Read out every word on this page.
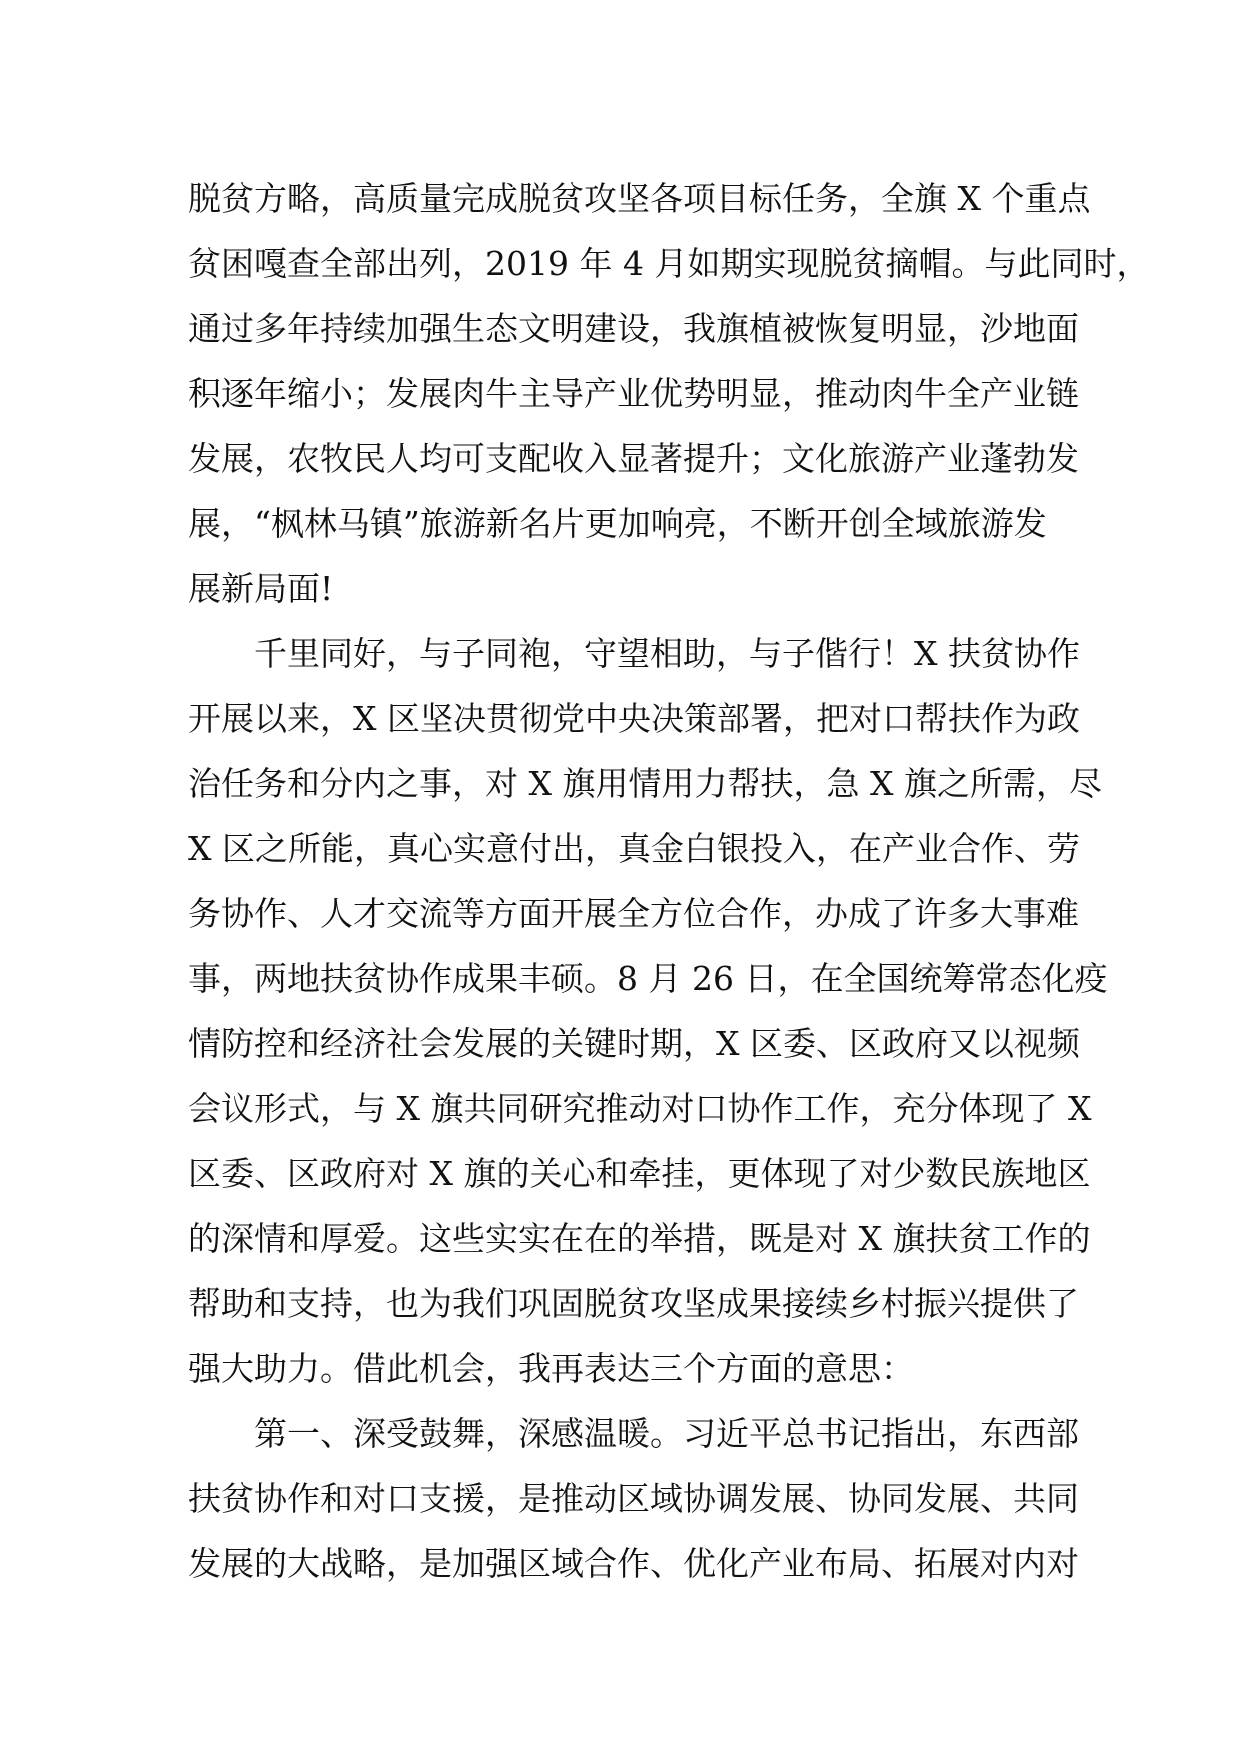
脱贫方略，高质量完成脱贫攻坚各项目标任务，全旗 X 个重点
贫困嘎查全部出列，2019 年 4 月如期实现脱贫摘帽。与此同时，
通过多年持续加强生态文明建设，我旗植被恢复明显，沙地面
积逐年缩小；发展肉牛主导产业优势明显，推动肉牛全产业链
发展，农牧民人均可支配收入显著提升；文化旅游产业蓬勃发
展，“枫林马镇”旅游新名片更加响亮，不断开创全域旅游发
展新局面!
千里同好，与子同袍，守望相助，与子偕行！X 扶贫协作
开展以来，X 区坚决贯彻党中央决策部署，把对口帮扶作为政
治任务和分内之事，对 X 旗用情用力帮扶，急 X 旗之所需，尽
X 区之所能，真心实意付出，真金白银投入，在产业合作、劳
务协作、人才交流等方面开展全方位合作，办成了许多大事难
事，两地扶贫协作成果丰硕。8 月 26 日，在全国统筹常态化疫
情防控和经济社会发展的关键时期，X 区委、区政府又以视频
会议形式，与 X 旗共同研究推动对口协作工作，充分体现了 X
区委、区政府对 X 旗的关心和牵挂，更体现了对少数民族地区
的深情和厚爱。这些实实在在的举措，既是对 X 旗扶贫工作的
帮助和支持，也为我们巩固脱贫攻坚成果接续乡村振兴提供了
强大助力。借此机会，我再表达三个方面的意思：
第一、深受鼓舞，深感温暖。习近平总书记指出，东西部
扶贫协作和对口支援，是推动区域协调发展、协同发展、共同
发展的大战略，是加强区域合作、优化产业布局、拓展对内对
